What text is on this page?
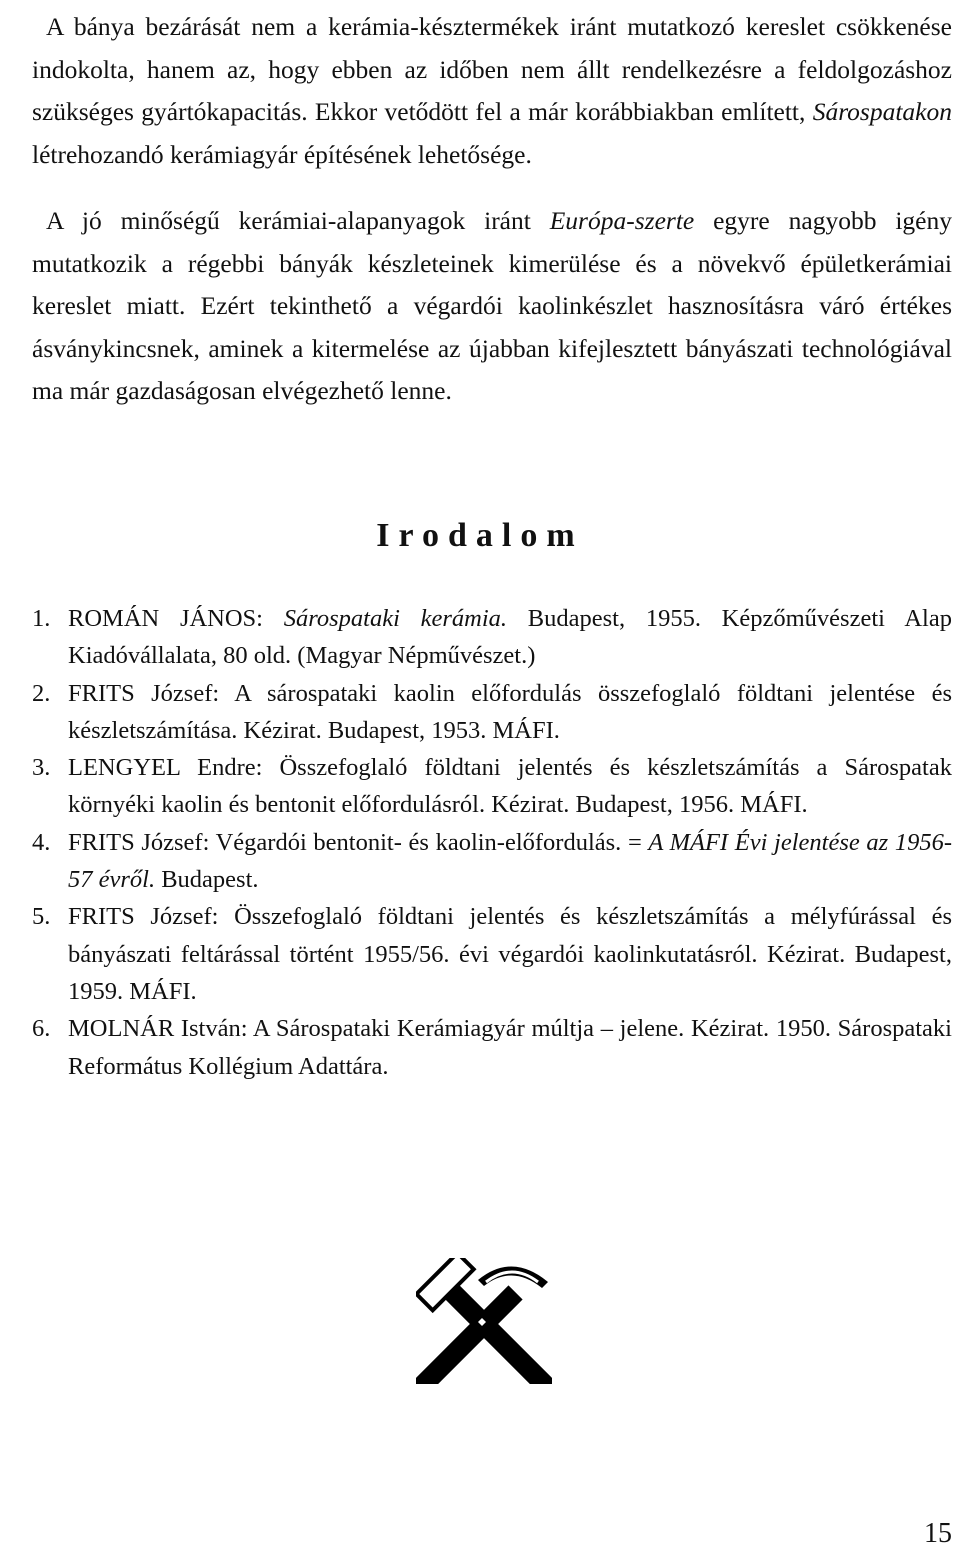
A bánya bezárását nem a kerámia-késztermékek iránt mutatkozó kereslet csökkenése indokolta, hanem az, hogy ebben az időben nem állt rendelkezésre a feldolgozáshoz szükséges gyártókapacitás. Ekkor vetődött fel a már korábbiakban említett, Sárospatakon létrehozandó kerámiagyár építésének lehetősége.

A jó minőségű kerámiai-alapanyagok iránt Európa-szerte egyre nagyobb igény mutatkozik a régebbi bányák készleteinek kimerülése és a növekvő épületkerámiai kereslet miatt. Ezért tekinthető a végardói kaolinkészlet hasznosításra váró értékes ásványkincsnek, aminek a kitermelése az újabban kifejlesztett bányászati technológiával ma már gazdaságosan elvégezhető lenne.

Irodalom
1. ROMÁN JÁNOS: Sárospataki kerámia. Budapest, 1955. Képzőművészeti Alap Kiadóvállalata, 80 old. (Magyar Népművészet.)
2. FRITS József: A sárospataki kaolin előfordulás összefoglaló földtani jelentése és készletszámítása. Kézirat. Budapest, 1953. MÁFI.
3. LENGYEL Endre: Összefoglaló földtani jelentés és készletszámítás a Sárospatak környéki kaolin és bentonit előfordulásról. Kézirat. Budapest, 1956. MÁFI.
4. FRITS József: Végardói bentonit- és kaolin-előfordulás. = A MÁFI Évi jelentése az 1956-57 évről. Budapest.
5. FRITS József: Összefoglaló földtani jelentés és készletszámítás a mélyfúrással és bányászati feltárással történt 1955/56. évi végardói kaolinkutatásról. Kézirat. Budapest, 1959. MÁFI.
6. MOLNÁR István: A Sárospataki Kerámiagyár múltja – jelene. Kézirat. 1950. Sárospataki Református Kollégium Adattára.
15
